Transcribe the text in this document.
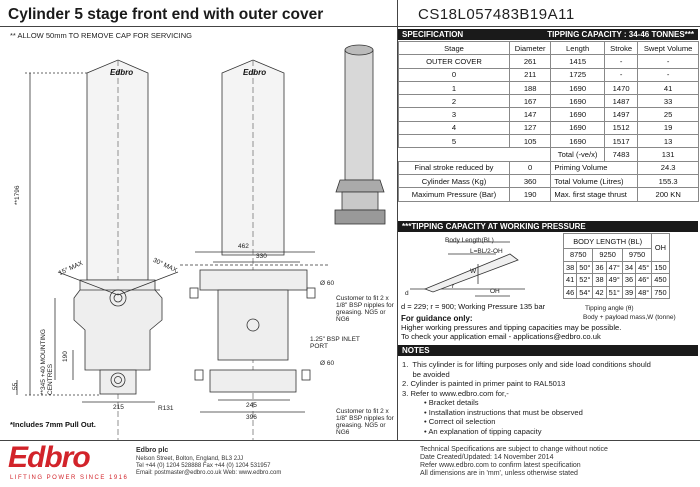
Cylinder 5 stage front end with outer cover	CS18L057483B19A11
** ALLOW 50mm TO REMOVE CAP FOR SERVICING
Edbro	Edbro
**1796
15° MAX	30° MAX
**345 +40 MOUNTING CENTRES
190
55
215	R131
462
330
245
396
Ø 60
Ø 60
Customer to fit 2 x 1/8" BSP nipples for greasing. NG5 or NG6
1.25" BSP INLET PORT
Customer to fit 2 x 1/8" BSP nipples for greasing. NG5 or NG6
*Includes 7mm Pull Out.
SPECIFICATION	TIPPING CAPACITY : 34-46 TONNES***
Stage	Diameter	Length	Stroke	Swept Volume
OUTER COVER	261	1415	-	-
0	211	1725	-	-
1	188	1690	1470	41
2	167	1690	1487	33
3	147	1690	1497	25
4	127	1690	1512	19
5	105	1690	1517	13
		Total (-ve/x)	7483	131
Final stroke reduced by	0	Priming Volume		24.3
Cylinder Mass (Kg)	360	Total Volume (Litres)		155.3
Maximum Pressure (Bar)	190	Max. first stage thrust		200 KN
***TIPPING CAPACITY AT WORKING PRESSURE
Body Length(BL)
L=BL/2-OH
W
OH
d
r
Tipping angle (θ)
Body + payload mass,W (tonne)
d = 229; r = 900; Working Pressure 135 bar
BODY LENGTH (BL)						OH
8750		9250		9750		
38	50°	36	47°	34	45°	150
41	52°	38	49°	36	46°	450
46	54°	42	51°	39	48°	750
For guidance only:
Higher working pressures and tipping capacities may be possible.
To check your application email - applications@edbro.co.uk
NOTES
1.  This cylinder is for lifting purposes only and side load conditions should
be avoided
2. Cylinder is painted in primer paint to RAL5013
3. Refer to www.edbro.com for,-
• Bracket details
• Installation instructions that must be observed
• Correct oil selection
• An explanation of tipping capacity
Edbro
LIFTING POWER SINCE 1916
Edbro plc
Nelson Street, Bolton, England, BL3 2JJ
Tel +44 (0) 1204 528888 Fax +44 (0) 1204 531957
Email: postmaster@edbro.co.uk Web: www.edbro.com
Technical Specifications are subject to change without notice
Date Created/Updated: 14 November 2014
Refer www.edbro.com to confirm latest specification
All dimensions are in 'mm', unless otherwise stated
